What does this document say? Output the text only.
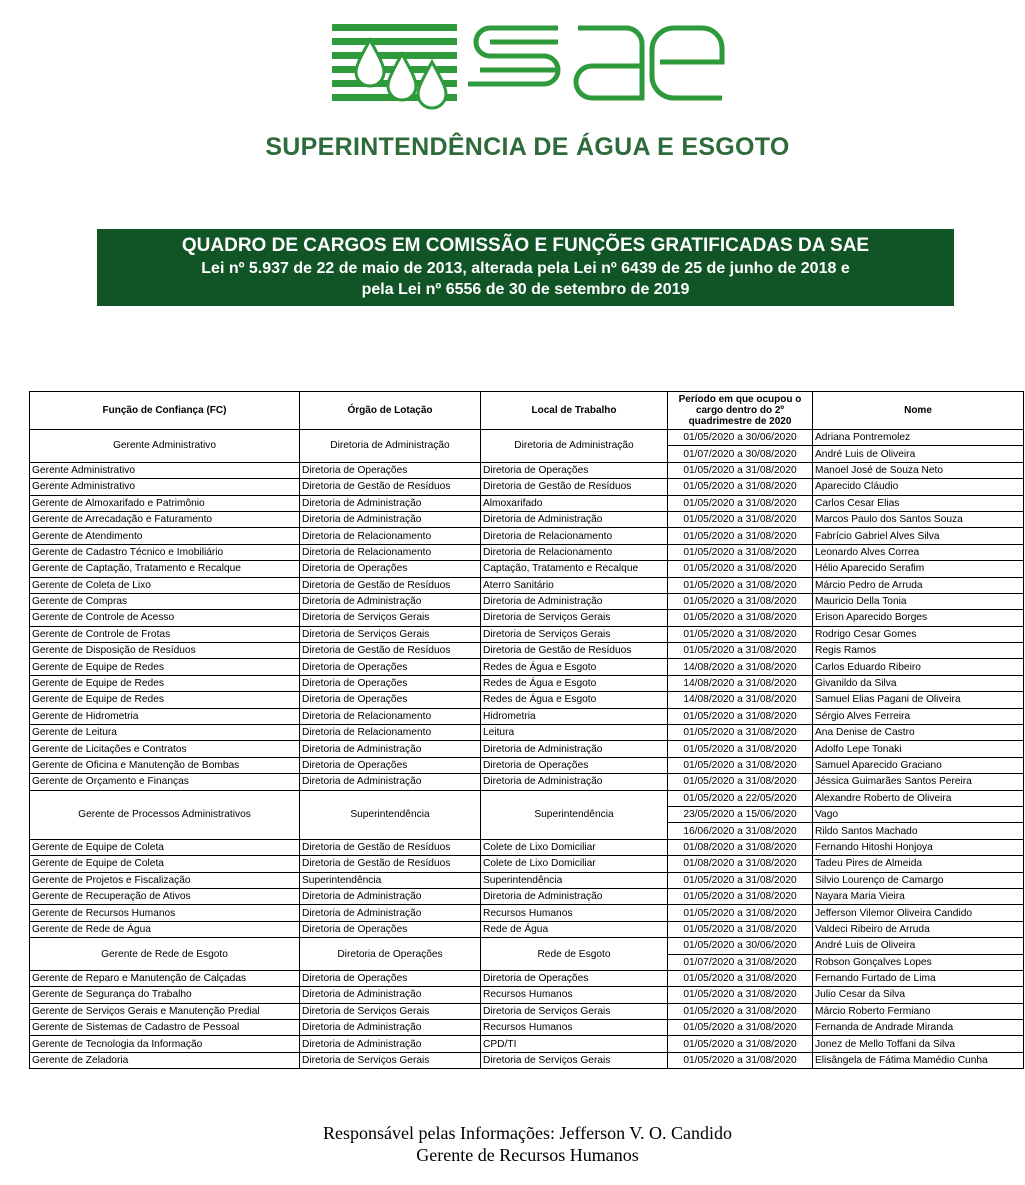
SUPERINTENDÊNCIA DE ÁGUA E ESGOTO
QUADRO DE CARGOS EM COMISSÃO E FUNÇÕES GRATIFICADAS DA SAE
Lei nº 5.937 de 22 de maio de 2013, alterada pela Lei nº 6439 de 25 de junho de 2018 e
pela Lei nº 6556 de 30 de setembro de 2019
Função de Confiança (FC)	Órgão de Lotação	Local de Trabalho	Período em que ocupou o cargo dentro do 2º quadrimestre de 2020	Nome
Gerente Administrativo	Diretoria de Administração	Diretoria de Administração	01/05/2020 a 30/06/2020	Adriana Pontremolez
			01/07/2020 a 30/08/2020	André Luis de Oliveira
Gerente Administrativo	Diretoria de Operações	Diretoria de Operações	01/05/2020 a 31/08/2020	Manoel José de Souza Neto
Gerente Administrativo	Diretoria de Gestão de Resíduos	Diretoria de Gestão de Resíduos	01/05/2020 a 31/08/2020	Aparecido Cláudio
Gerente de Almoxarifado e Patrimônio	Diretoria de Administração	Almoxarifado	01/05/2020 a 31/08/2020	Carlos Cesar Elias
Gerente de Arrecadação e Faturamento	Diretoria de Administração	Diretoria de Administração	01/05/2020 a 31/08/2020	Marcos Paulo dos Santos Souza
Gerente de Atendimento	Diretoria de Relacionamento	Diretoria de Relacionamento	01/05/2020 a 31/08/2020	Fabrício Gabriel Alves Silva
Gerente de Cadastro Técnico e Imobiliário	Diretoria de Relacionamento	Diretoria de Relacionamento	01/05/2020 a 31/08/2020	Leonardo Alves Correa
Gerente de Captação, Tratamento e Recalque	Diretoria de Operações	Captação, Tratamento e Recalque	01/05/2020 a 31/08/2020	Hélio Aparecido Serafim
Gerente de Coleta de Lixo	Diretoria de Gestão de Resíduos	Aterro Sanitário	01/05/2020 a 31/08/2020	Márcio Pedro de Arruda
Gerente de Compras	Diretoria de Administração	Diretoria de Administração	01/05/2020 a 31/08/2020	Mauricio Della Tonia
Gerente de Controle de Acesso	Diretoria de Serviços Gerais	Diretoria de Serviços Gerais	01/05/2020 a 31/08/2020	Erison Aparecido Borges
Gerente de Controle de Frotas	Diretoria de Serviços Gerais	Diretoria de Serviços Gerais	01/05/2020 a 31/08/2020	Rodrigo Cesar Gomes
Gerente de Disposição de Resíduos	Diretoria de Gestão de Resíduos	Diretoria de Gestão de Resíduos	01/05/2020 a 31/08/2020	Regis Ramos
Gerente de Equipe de Redes	Diretoria de Operações	Redes de Água e Esgoto	14/08/2020 a 31/08/2020	Carlos Eduardo Ribeiro
Gerente de Equipe de Redes	Diretoria de Operações	Redes de Água e Esgoto	14/08/2020 a 31/08/2020	Givanildo da Silva
Gerente de Equipe de Redes	Diretoria de Operações	Redes de Água e Esgoto	14/08/2020 a 31/08/2020	Samuel Elias Pagani de Oliveira
Gerente de Hidrometria	Diretoria de Relacionamento	Hidrometria	01/05/2020 a 31/08/2020	Sérgio Alves Ferreira
Gerente de Leitura	Diretoria de Relacionamento	Leitura	01/05/2020 a 31/08/2020	Ana Denise de Castro
Gerente de Licitações e Contratos	Diretoria de Administração	Diretoria de Administração	01/05/2020 a 31/08/2020	Adolfo Lepe Tonaki
Gerente de Oficina e Manutenção de Bombas	Diretoria de Operações	Diretoria de Operações	01/05/2020 a 31/08/2020	Samuel Aparecido Graciano
Gerente de Orçamento e Finanças	Diretoria de Administração	Diretoria de Administração	01/05/2020 a 31/08/2020	Jéssica Guimarães Santos Pereira
Gerente de Processos Administrativos	Superintendência	Superintendência	01/05/2020 a 22/05/2020	Alexandre Roberto de Oliveira
			23/05/2020 a 15/06/2020	Vago
			16/06/2020 a 31/08/2020	Rildo Santos Machado
Gerente de Equipe de Coleta	Diretoria de Gestão de Resíduos	Colete de Lixo Domiciliar	01/08/2020 a 31/08/2020	Fernando Hitoshi Honjoya
Gerente de Equipe de Coleta	Diretoria de Gestão de Resíduos	Colete de Lixo Domiciliar	01/08/2020 a 31/08/2020	Tadeu Pires de Almeida
Gerente de Projetos e Fiscalização	Superintendência	Superintendência	01/05/2020 a 31/08/2020	Silvio Lourenço de Camargo
Gerente de Recuperação de Ativos	Diretoria de Administração	Diretoria de Administração	01/05/2020 a 31/08/2020	Nayara Maria Vieira
Gerente de Recursos Humanos	Diretoria de Administração	Recursos Humanos	01/05/2020 a 31/08/2020	Jefferson Vilemor Oliveira Candido
Gerente de Rede de Água	Diretoria de Operações	Rede de Água	01/05/2020 a 31/08/2020	Valdeci Ribeiro de Arruda
Gerente de Rede de Esgoto	Diretoria de Operações	Rede de Esgoto	01/05/2020 a 30/06/2020	André Luis de Oliveira
			01/07/2020 a 31/08/2020	Robson Gonçalves Lopes
Gerente de Reparo e Manutenção de Calçadas	Diretoria de Operações	Diretoria de Operações	01/05/2020 a 31/08/2020	Fernando Furtado de Lima
Gerente de Segurança do Trabalho	Diretoria de Administração	Recursos Humanos	01/05/2020 a 31/08/2020	Julio Cesar da Silva
Gerente de Serviços Gerais e Manutenção Predial	Diretoria de Serviços Gerais	Diretoria de Serviços Gerais	01/05/2020 a 31/08/2020	Márcio Roberto Fermiano
Gerente de Sistemas de Cadastro de Pessoal	Diretoria de Administração	Recursos Humanos	01/05/2020 a 31/08/2020	Fernanda de Andrade Miranda
Gerente de Tecnologia da Informação	Diretoria de Administração	CPD/TI	01/05/2020 a 31/08/2020	Jonez de Mello Toffani da Silva
Gerente de Zeladoria	Diretoria de Serviços Gerais	Diretoria de Serviços Gerais	01/05/2020 a 31/08/2020	Elisângela de Fátima Mamédio Cunha
Responsável pelas Informações: Jefferson V. O. Candido
Gerente de Recursos Humanos
